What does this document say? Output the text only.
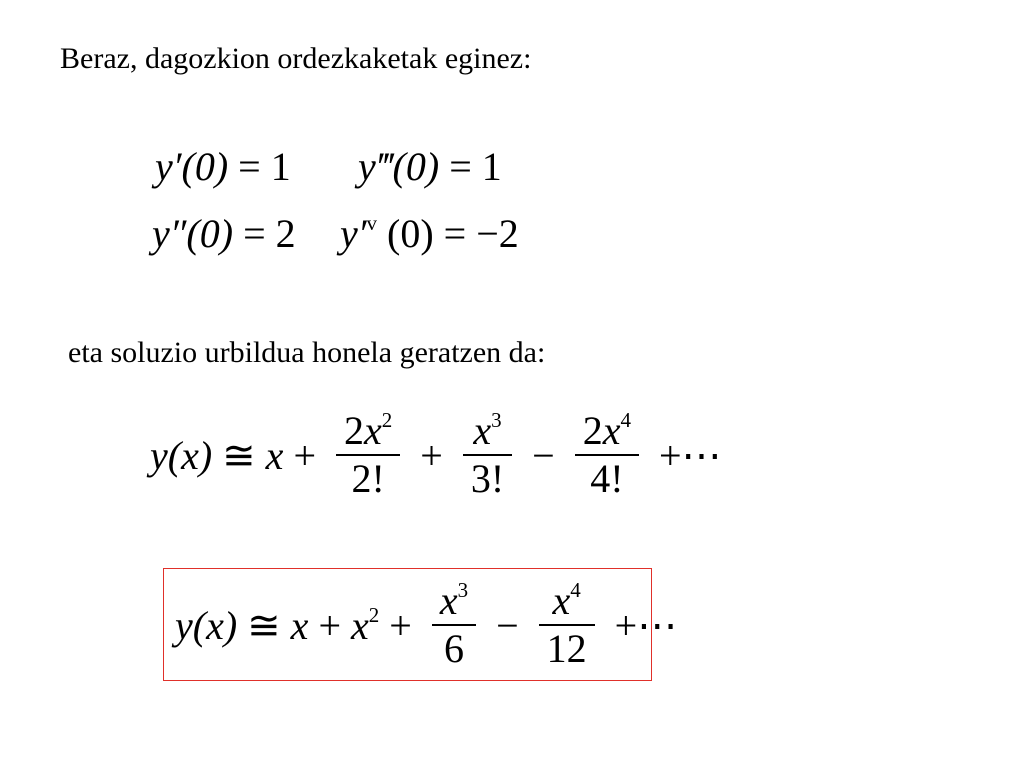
Beraz, dagozkion ordezkaketak eginez:
y′(0) = 1 y‴(0) = 1
y″(0) = 2 $y'^v$ (0) = −2
eta soluzio urbildua honela geratzen da:
y(x) ≅ $x + \frac{2x^2}{2!} + \frac{x^3}{3!} - \frac{2x^4}{4!}$ +⋯
y(x) ≅ $x + x^2 + \frac{x^3}{6} - \frac{x^4}{12}$ +⋯
